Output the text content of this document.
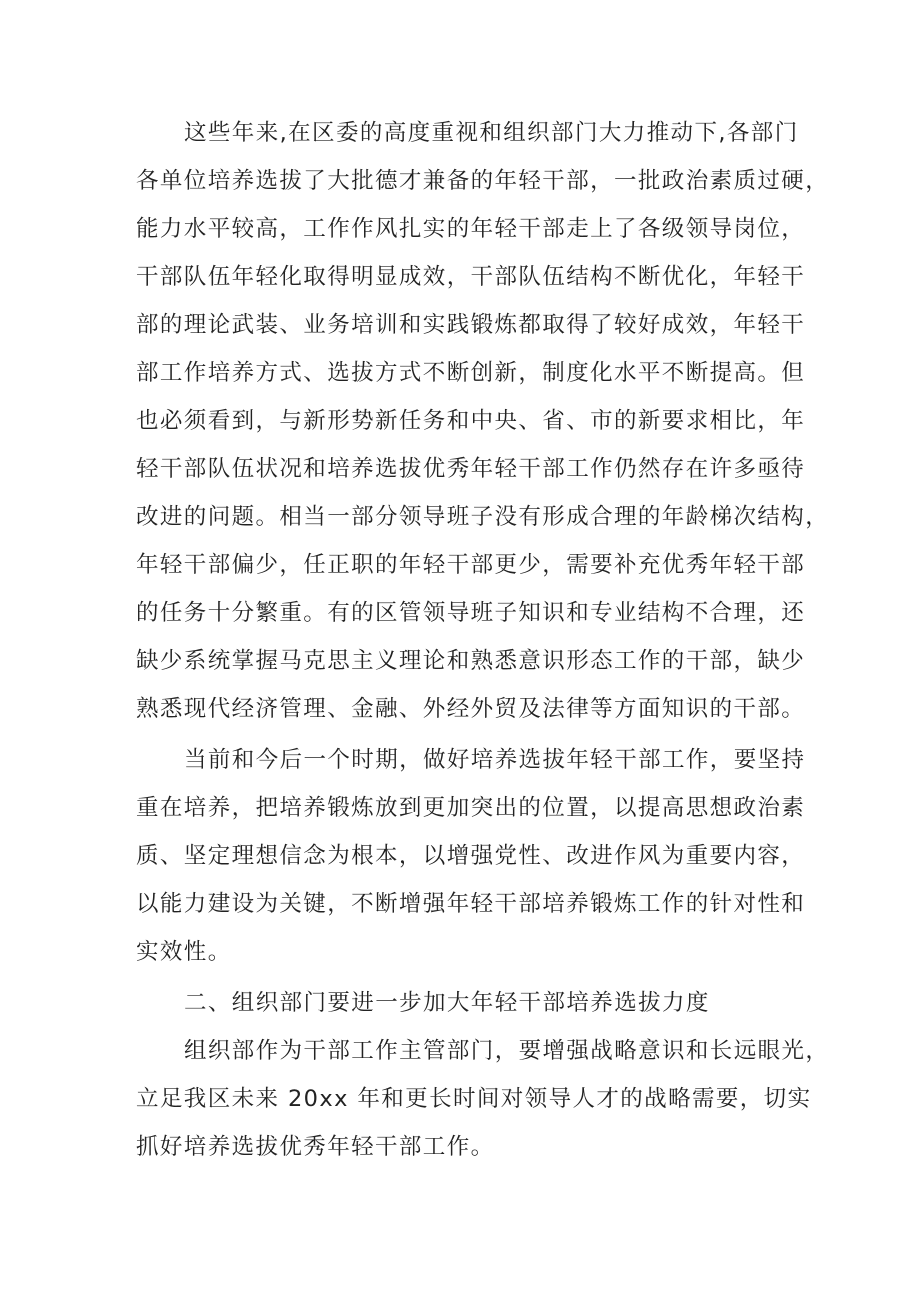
这些年来,在区委的高度重视和组织部门大力推动下,各部门
各单位培养选拔了大批德才兼备的年轻干部，一批政治素质过硬，
能力水平较高，工作作风扎实的年轻干部走上了各级领导岗位，
干部队伍年轻化取得明显成效，干部队伍结构不断优化，年轻干
部的理论武装、业务培训和实践锻炼都取得了较好成效，年轻干
部工作培养方式、选拔方式不断创新，制度化水平不断提高。但
也必须看到，与新形势新任务和中央、省、市的新要求相比，年
轻干部队伍状况和培养选拔优秀年轻干部工作仍然存在许多亟待
改进的问题。相当一部分领导班子没有形成合理的年龄梯次结构，
年轻干部偏少，任正职的年轻干部更少，需要补充优秀年轻干部
的任务十分繁重。有的区管领导班子知识和专业结构不合理，还
缺少系统掌握马克思主义理论和熟悉意识形态工作的干部，缺少
熟悉现代经济管理、金融、外经外贸及法律等方面知识的干部。
当前和今后一个时期，做好培养选拔年轻干部工作，要坚持
重在培养，把培养锻炼放到更加突出的位置，以提高思想政治素
质、坚定理想信念为根本，以增强党性、改进作风为重要内容，
以能力建设为关键，不断增强年轻干部培养锻炼工作的针对性和
实效性。
二、组织部门要进一步加大年轻干部培养选拔力度
组织部作为干部工作主管部门，要增强战略意识和长远眼光，
立足我区未来 20xx 年和更长时间对领导人才的战略需要，切实
抓好培养选拔优秀年轻干部工作。
